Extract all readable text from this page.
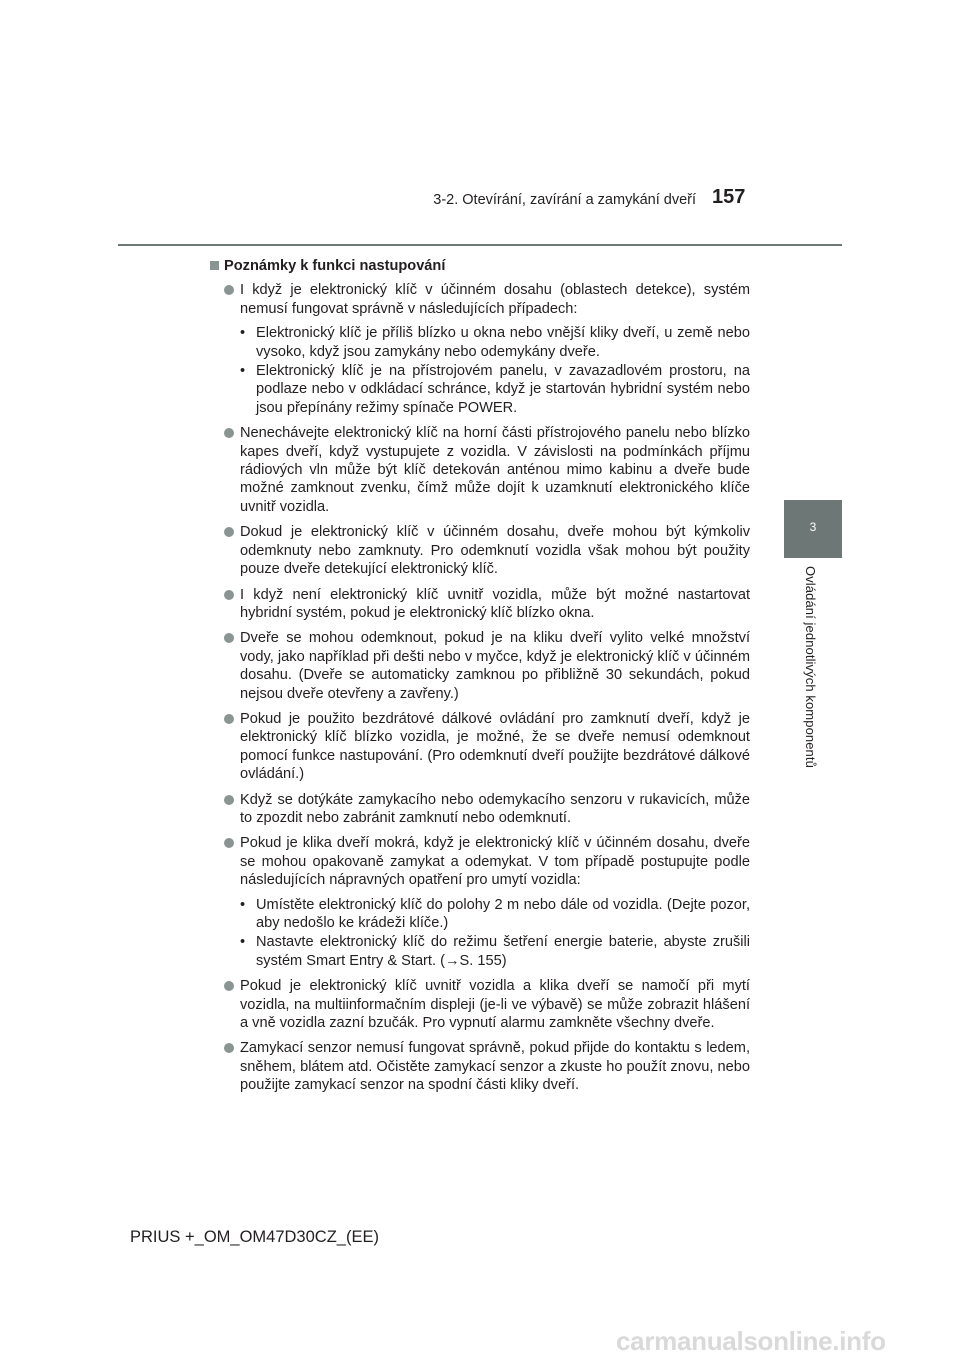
3-2. Otevírání, zavírání a zamykání dveří 157
3
Ovládání jednotlivých komponentů
Poznámky k funkci nastupování
I když je elektronický klíč v účinném dosahu (oblastech detekce), systém nemusí fungovat správně v následujících případech:
• Elektronický klíč je příliš blízko u okna nebo vnější kliky dveří, u země nebo vysoko, když jsou zamykány nebo odemykány dveře.
• Elektronický klíč je na přístrojovém panelu, v zavazadlovém prostoru, na podlaze nebo v odkládací schránce, když je startován hybridní systém nebo jsou přepínány režimy spínače POWER.
Nenechávejte elektronický klíč na horní části přístrojového panelu nebo blízko kapes dveří, když vystupujete z vozidla. V závislosti na podmínkách příjmu rádiových vln může být klíč detekován anténou mimo kabinu a dveře bude možné zamknout zvenku, čímž může dojít k uzamknutí elektronického klíče uvnitř vozidla.
Dokud je elektronický klíč v účinném dosahu, dveře mohou být kýmkoliv odemknuty nebo zamknuty. Pro odemknutí vozidla však mohou být použity pouze dveře detekující elektronický klíč.
I když není elektronický klíč uvnitř vozidla, může být možné nastartovat hybridní systém, pokud je elektronický klíč blízko okna.
Dveře se mohou odemknout, pokud je na kliku dveří vylito velké množství vody, jako například při dešti nebo v myčce, když je elektronický klíč v účinném dosahu. (Dveře se automaticky zamknou po přibližně 30 sekundách, pokud nejsou dveře otevřeny a zavřeny.)
Pokud je použito bezdrátové dálkové ovládání pro zamknutí dveří, když je elektronický klíč blízko vozidla, je možné, že se dveře nemusí odemknout pomocí funkce nastupování. (Pro odemknutí dveří použijte bezdrátové dálkové ovládání.)
Když se dotýkáte zamykacího nebo odemykacího senzoru v rukavicích, může to zpozdit nebo zabránit zamknutí nebo odemknutí.
Pokud je klika dveří mokrá, když je elektronický klíč v účinném dosahu, dveře se mohou opakovaně zamykat a odemykat. V tom případě postupujte podle následujících nápravných opatření pro umytí vozidla:
• Umístěte elektronický klíč do polohy 2 m nebo dále od vozidla. (Dejte pozor, aby nedošlo ke krádeži klíče.)
• Nastavte elektronický klíč do režimu šetření energie baterie, abyste zrušili systém Smart Entry & Start. (→S. 155)
Pokud je elektronický klíč uvnitř vozidla a klika dveří se namočí při mytí vozidla, na multiinformačním displeji (je-li ve výbavě) se může zobrazit hlášení a vně vozidla zazní bzučák. Pro vypnutí alarmu zamkněte všechny dveře.
Zamykací senzor nemusí fungovat správně, pokud přijde do kontaktu s ledem, sněhem, blátem atd. Očistěte zamykací senzor a zkuste ho použít znovu, nebo použijte zamykací senzor na spodní části kliky dveří.
PRIUS +_OM_OM47D30CZ_(EE)
carmanualsonline.info
